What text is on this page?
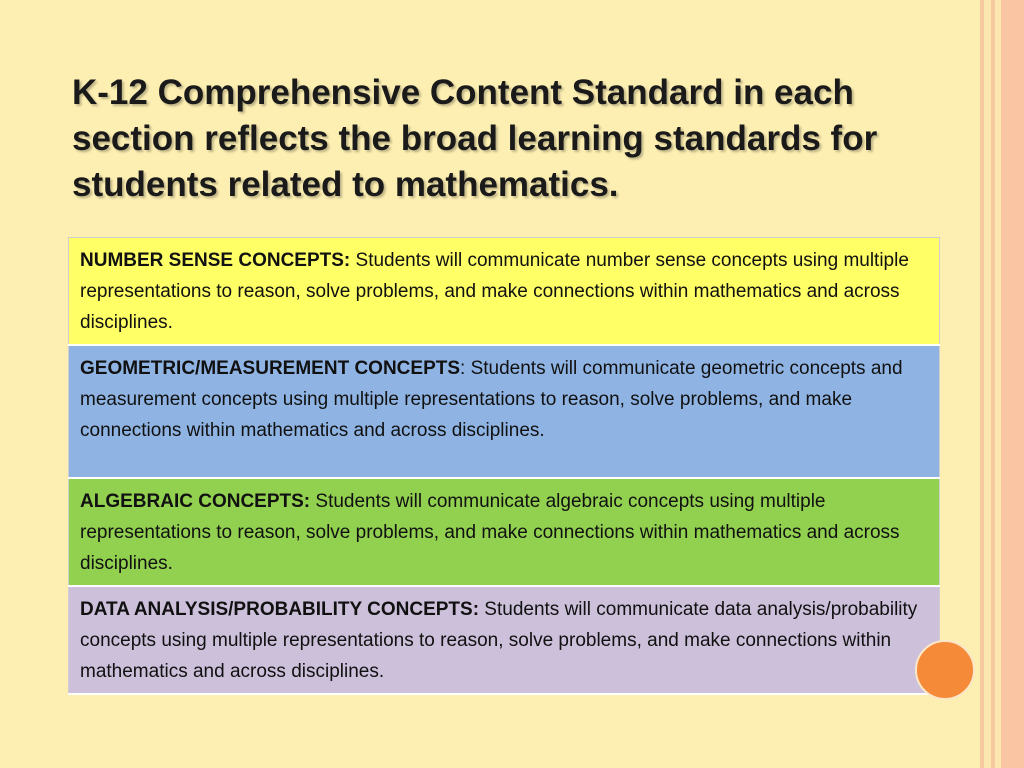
K-12 Comprehensive Content Standard in each section reflects the broad learning standards for students related to mathematics.
NUMBER SENSE CONCEPTS: Students will communicate number sense concepts using multiple representations to reason, solve problems, and make connections within mathematics and across disciplines.
GEOMETRIC/MEASUREMENT CONCEPTS: Students will communicate geometric concepts and measurement concepts using multiple representations to reason, solve problems, and make connections within mathematics and across disciplines.
ALGEBRAIC CONCEPTS: Students will communicate algebraic concepts using multiple representations to reason, solve problems, and make connections within mathematics and across disciplines.
DATA ANALYSIS/PROBABILITY CONCEPTS: Students will communicate data analysis/probability concepts using multiple representations to reason, solve problems, and make connections within mathematics and across disciplines.
